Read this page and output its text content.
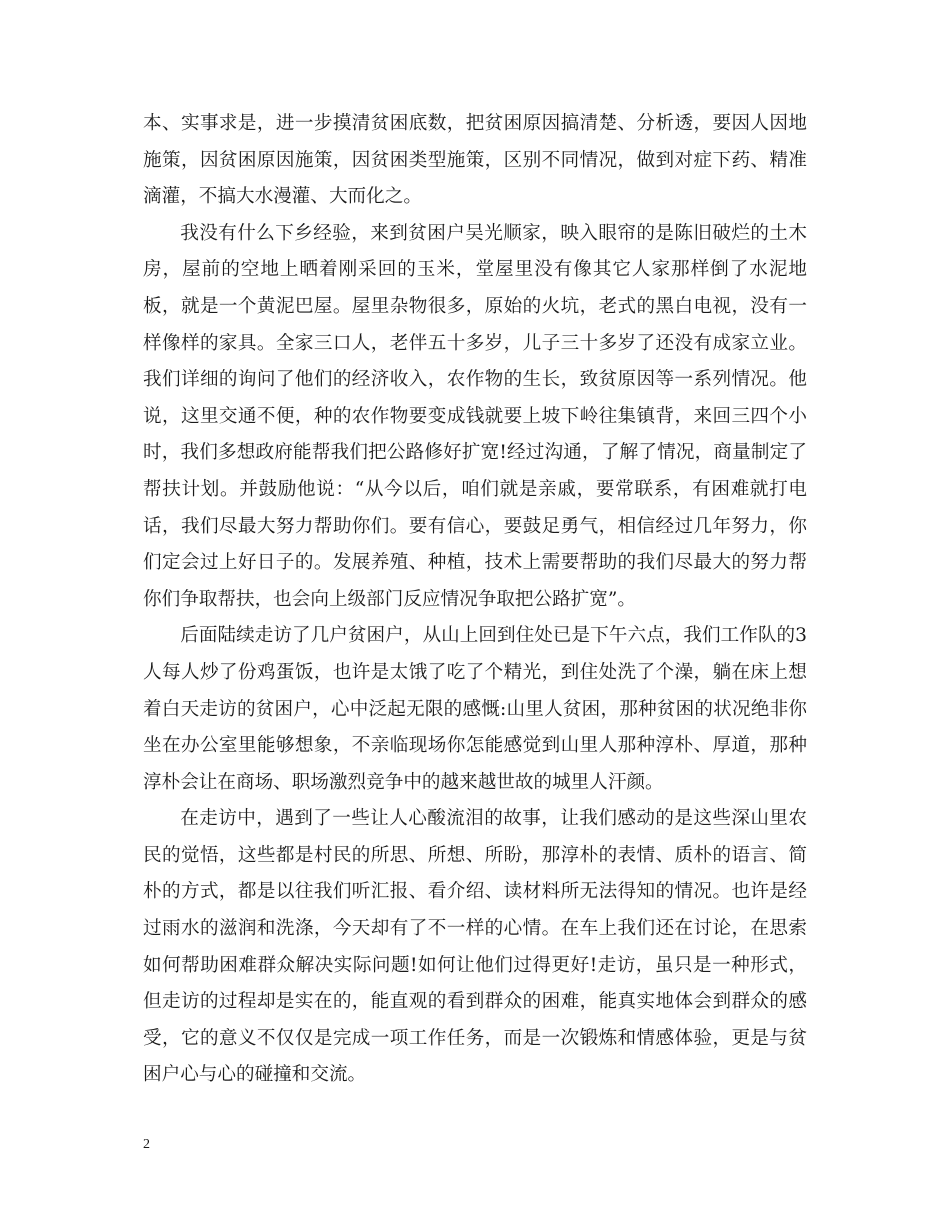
本、实事求是，进一步摸清贫困底数，把贫困原因搞清楚、分析透，要因人因地施策，因贫困原因施策，因贫困类型施策，区别不同情况，做到对症下药、精准滴灌，不搞大水漫灌、大而化之。

我没有什么下乡经验，来到贫困户吴光顺家，映入眼帘的是陈旧破烂的土木房，屋前的空地上晒着刚采回的玉米，堂屋里没有像其它人家那样倒了水泥地板，就是一个黄泥巴屋。屋里杂物很多，原始的火坑，老式的黑白电视，没有一样像样的家具。全家三口人，老伴五十多岁，儿子三十多岁了还没有成家立业。我们详细的询问了他们的经济收入，农作物的生长，致贫原因等一系列情况。他说，这里交通不便，种的农作物要变成钱就要上坡下岭往集镇背，来回三四个小时，我们多想政府能帮我们把公路修好扩宽!经过沟通，了解了情况，商量制定了帮扶计划。并鼓励他说：“从今以后，咱们就是亲戚，要常联系，有困难就打电话，我们尽最大努力帮助你们。要有信心，要鼓足勇气，相信经过几年努力，你们定会过上好日子的。发展养殖、种植，技术上需要帮助的我们尽最大的努力帮你们争取帮扶，也会向上级部门反应情况争取把公路扩宽”。

后面陆续走访了几户贫困户，从山上回到住处已是下午六点，我们工作队的3人每人炒了份鸡蛋饭，也许是太饿了吃了个精光，到住处洗了个澡，躺在床上想着白天走访的贫困户，心中泛起无限的感慨:山里人贫困，那种贫困的状况绝非你坐在办公室里能够想象，不亲临现场你怎能感觉到山里人那种淳朴、厚道，那种淳朴会让在商场、职场激烈竞争中的越来越世故的城里人汗颜。

在走访中，遇到了一些让人心酸流泪的故事，让我们感动的是这些深山里农民的觉悟，这些都是村民的所思、所想、所盼，那淳朴的表情、质朴的语言、简朴的方式，都是以往我们听汇报、看介绍、读材料所无法得知的情况。也许是经过雨水的滋润和洗涤，今天却有了不一样的心情。在车上我们还在讨论，在思索如何帮助困难群众解决实际问题!如何让他们过得更好!走访，虽只是一种形式，但走访的过程却是实在的，能直观的看到群众的困难，能真实地体会到群众的感受，它的意义不仅仅是完成一项工作任务，而是一次锻炼和情感体验，更是与贫困户心与心的碰撞和交流。

2
